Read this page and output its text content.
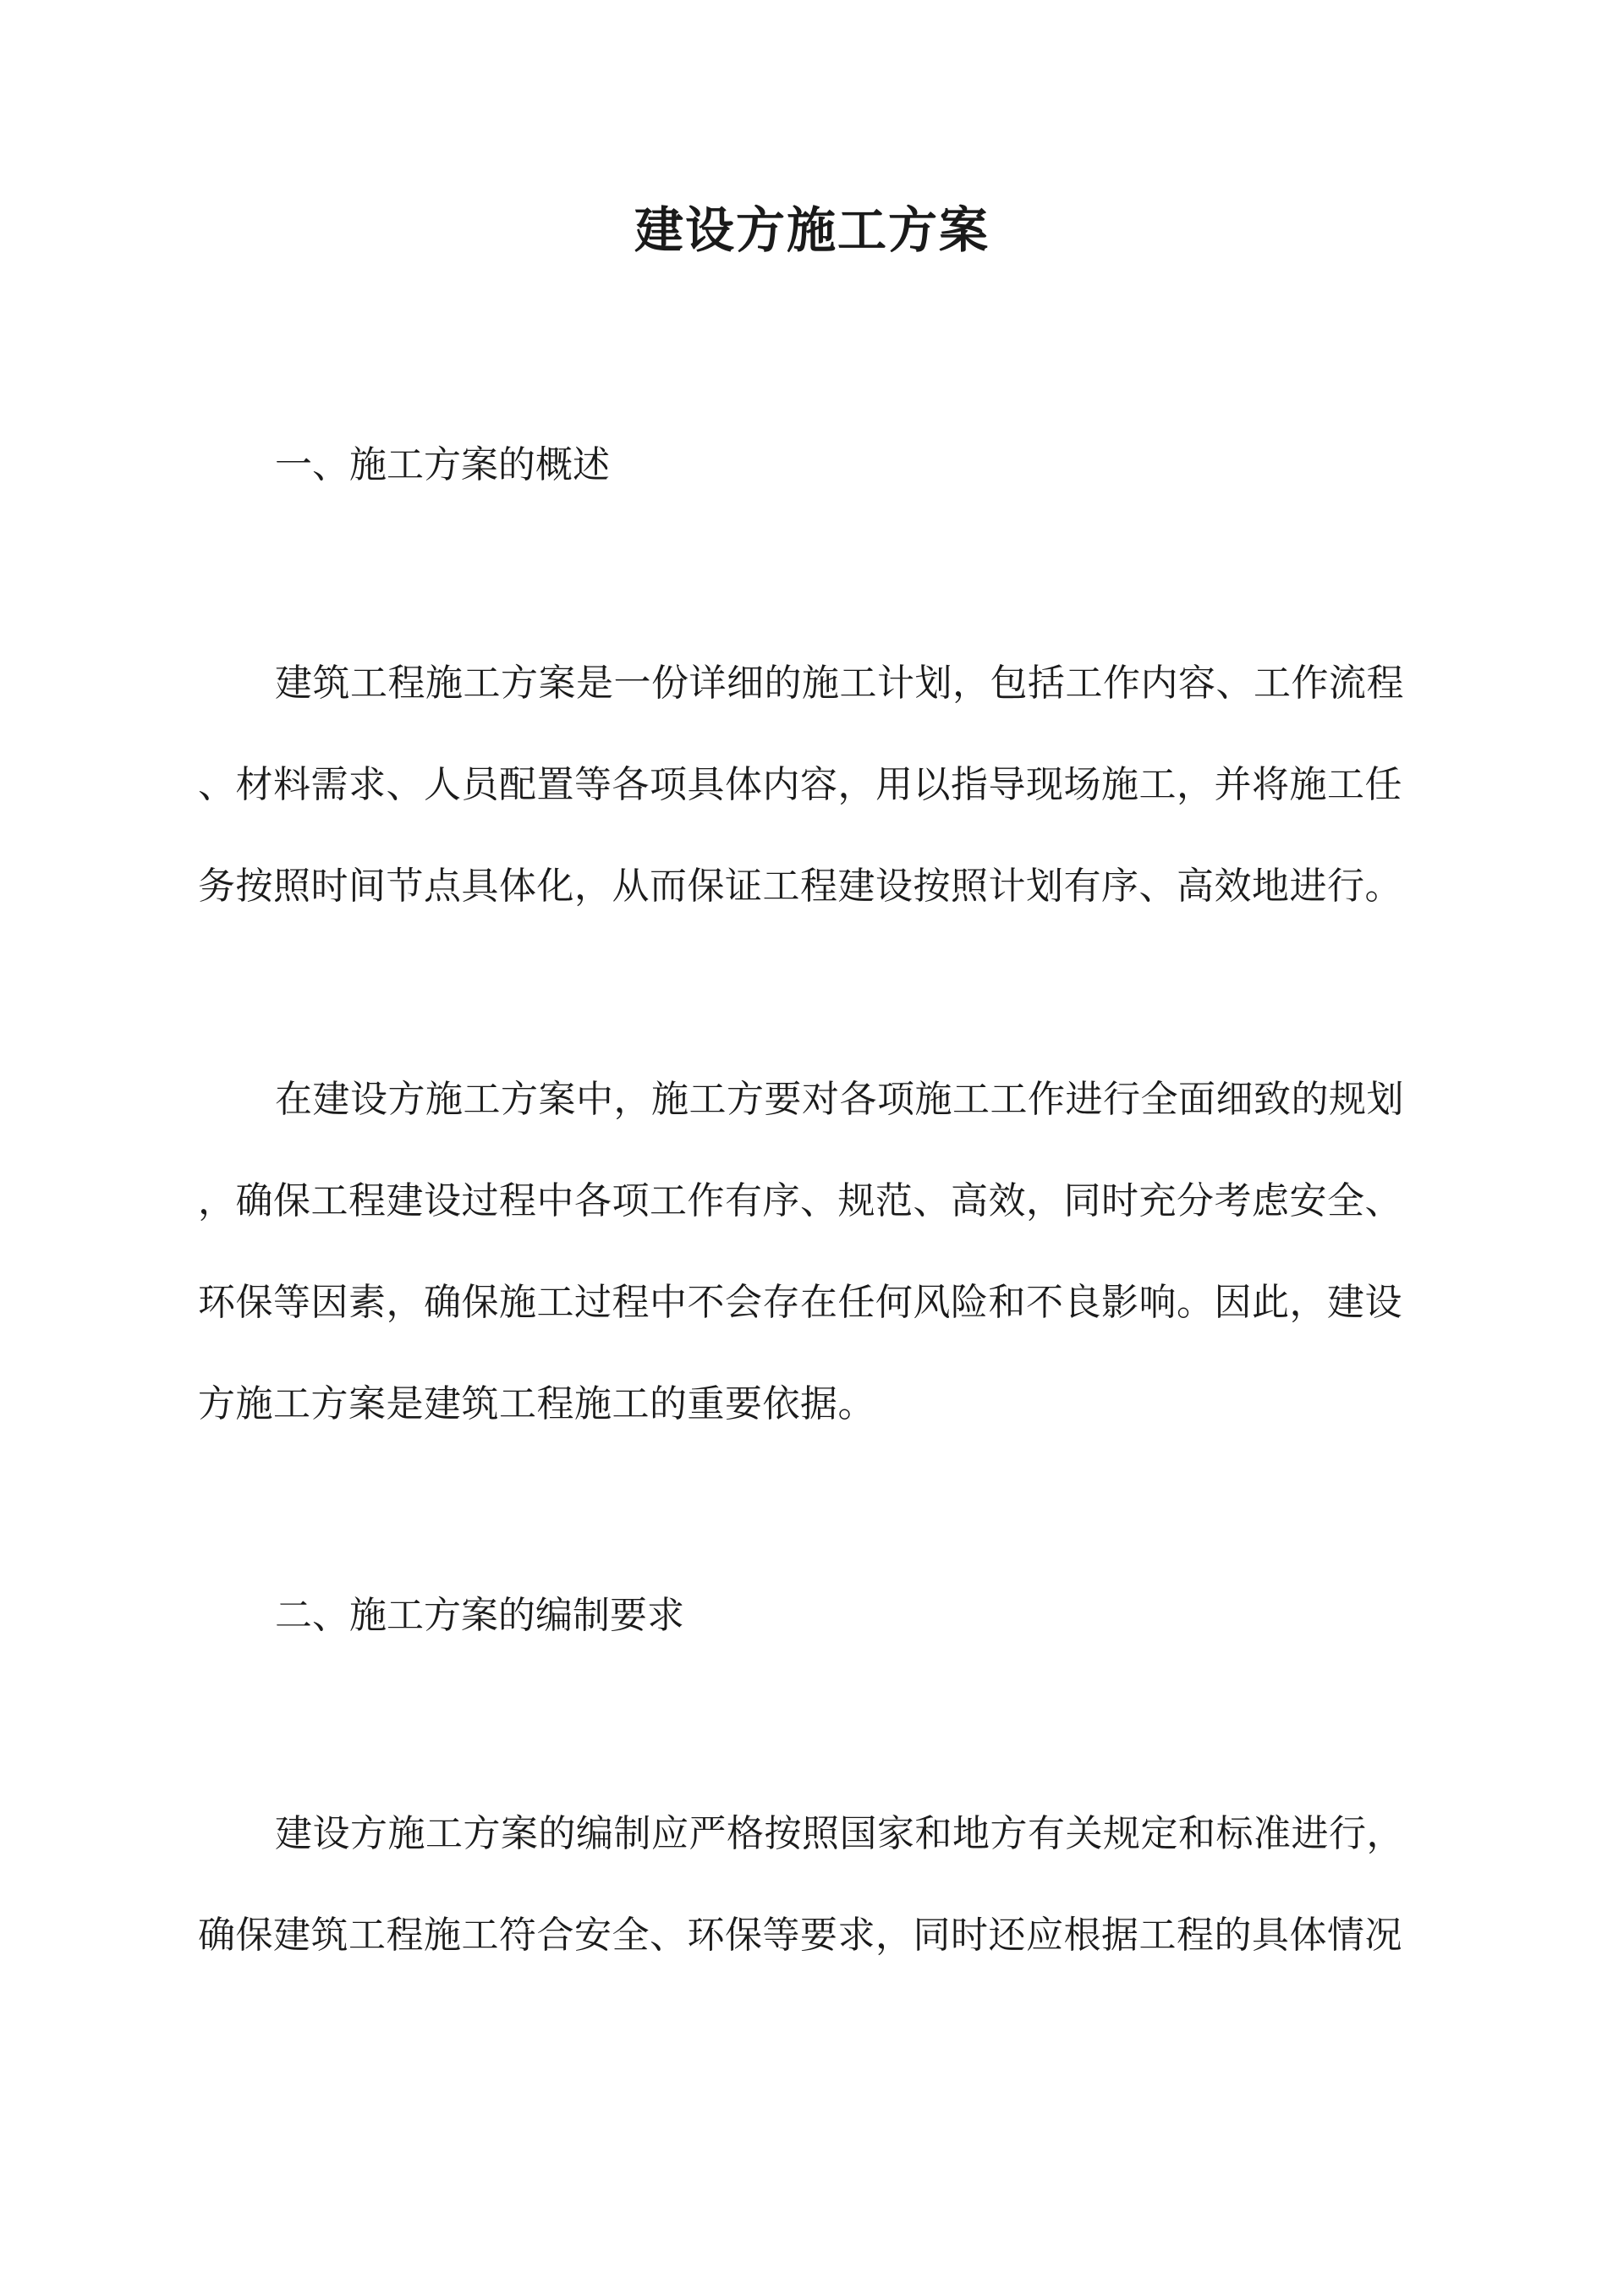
建设方施工方案
一、施工方案的概述
建筑工程施工方案是一份详细的施工计划，包括工作内容、工作流程
、材料需求、人员配置等各项具体内容，用以指导现场施工，并将施工任
务按照时间节点具体化，从而保证工程建设按照计划有序、高效地进行。
在建设方施工方案中，施工方要对各项施工工作进行全面细致的规划
，确保工程建设过程中各项工作有序、规范、高效，同时充分考虑安全、
环保等因素，确保施工过程中不会存在任何风险和不良影响。因此，建设
方施工方案是建筑工程施工的重要依据。
二、施工方案的编制要求
建设方施工方案的编制应严格按照国家和地方有关规定和标准进行，
确保建筑工程施工符合安全、环保等要求，同时还应根据工程的具体情况
